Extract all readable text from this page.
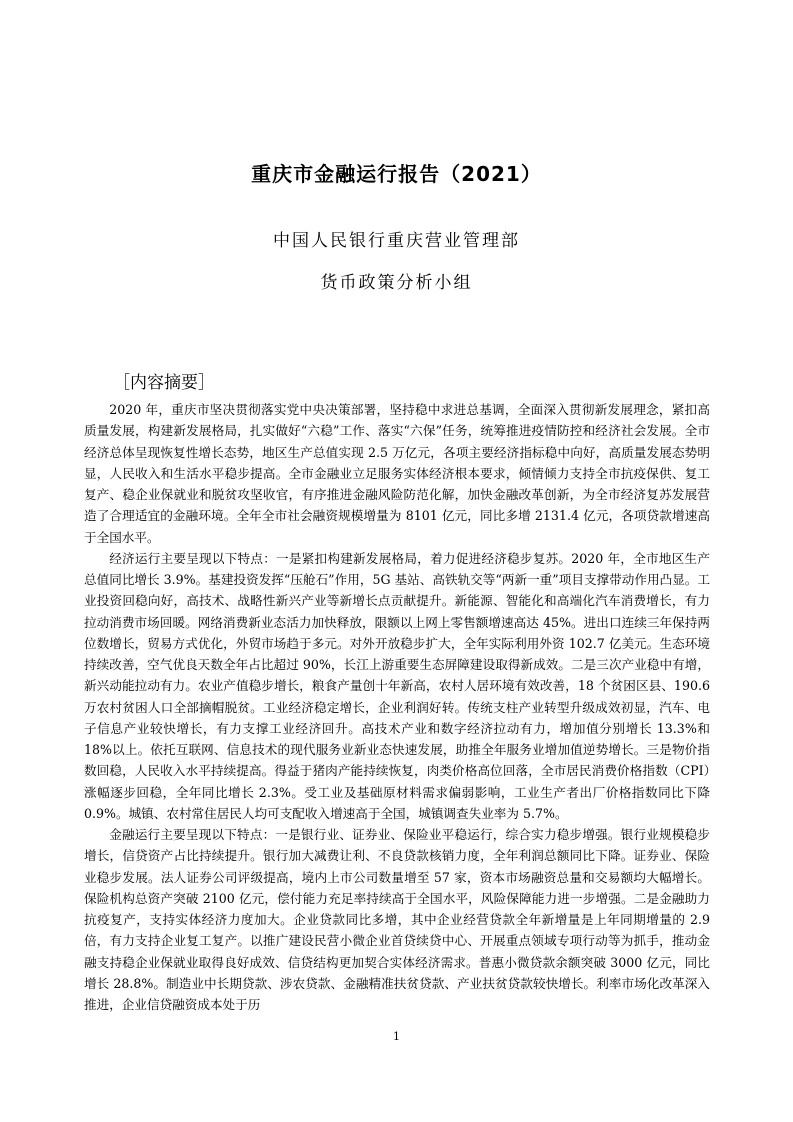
重庆市金融运行报告（2021）
中国人民银行重庆营业管理部
货币政策分析小组
［内容摘要］

2020 年，重庆市坚决贯彻落实党中央决策部署，坚持稳中求进总基调，全面深入贯彻新发展理念，紧扣高质量发展，构建新发展格局，扎实做好“六稳”工作、落实“六保”任务，统筹推进疫情防控和经济社会发展。全市经济总体呈现恢复性增长态势，地区生产总值实现 2.5 万亿元，各项主要经济指标稳中向好，高质量发展态势明显，人民收入和生活水平稳步提高。全市金融业立足服务实体经济根本要求，倾情倾力支持全市抗疫保供、复工复产、稳企业保就业和脱贫攻坚收官，有序推进金融风险防范化解，加快金融改革创新，为全市经济复苏发展营造了合理适宜的金融环境。全年全市社会融资规模增量为 8101 亿元，同比多增 2131.4 亿元，各项贷款增速高于全国水平。

经济运行主要呈现以下特点：一是紧扣构建新发展格局，着力促进经济稳步复苏。2020 年，全市地区生产总值同比增长 3.9%。基建投资发挥“压舱石”作用，5G 基站、高铁轨交等“两新一重”项目支撑带动作用凸显。工业投资回稳向好，高技术、战略性新兴产业等新增长点贡献提升。新能源、智能化和高端化汽车消费增长，有力拉动消费市场回暖。网络消费新业态活力加快释放，限额以上网上零售额增速高达 45%。进出口连续三年保持两位数增长，贸易方式优化，外贸市场趋于多元。对外开放稳步扩大，全年实际利用外资 102.7 亿美元。生态环境持续改善，空气优良天数全年占比超过 90%，长江上游重要生态屏障建设取得新成效。二是三次产业稳中有增，新兴动能拉动有力。农业产值稳步增长，粮食产量创十年新高，农村人居环境有效改善，18 个贫困区县、190.6 万农村贫困人口全部摘帽脱贫。工业经济稳定增长，企业利润好转。传统支柱产业转型升级成效初显，汽车、电子信息产业较快增长，有力支撑工业经济回升。高技术产业和数字经济拉动有力，增加值分别增长 13.3%和 18%以上。依托互联网、信息技术的现代服务业新业态快速发展，助推全年服务业增加值逆势增长。三是物价指数回稳，人民收入水平持续提高。得益于猪肉产能持续恢复，肉类价格高位回落，全市居民消费价格指数（CPI）涨幅逐步回稳，全年同比增长 2.3%。受工业及基础原材料需求偏弱影响，工业生产者出厂价格指数同比下降 0.9%。城镇、农村常住居民人均可支配收入增速高于全国，城镇调查失业率为 5.7%。

金融运行主要呈现以下特点：一是银行业、证券业、保险业平稳运行，综合实力稳步增强。银行业规模稳步增长，信贷资产占比持续提升。银行加大减费让利、不良贷款核销力度，全年利润总额同比下降。证券业、保险业稳步发展。法人证券公司评级提高，境内上市公司数量增至 57 家，资本市场融资总量和交易额均大幅增长。保险机构总资产突破 2100 亿元，偿付能力充足率持续高于全国水平，风险保障能力进一步增强。二是金融助力抗疫复产，支持实体经济力度加大。企业贷款同比多增，其中企业经营贷款全年新增量是上年同期增量的 2.9 倍，有力支持企业复工复产。以推广建设民营小微企业首贷续贷中心、开展重点领域专项行动等为抓手，推动金融支持稳企业保就业取得良好成效、信贷结构更加契合实体经济需求。普惠小微贷款余额突破 3000 亿元，同比增长 28.8%。制造业中长期贷款、涉农贷款、金融精准扶贫贷款、产业扶贫贷款较快增长。利率市场化改革深入推进，企业信贷融资成本处于历

1
